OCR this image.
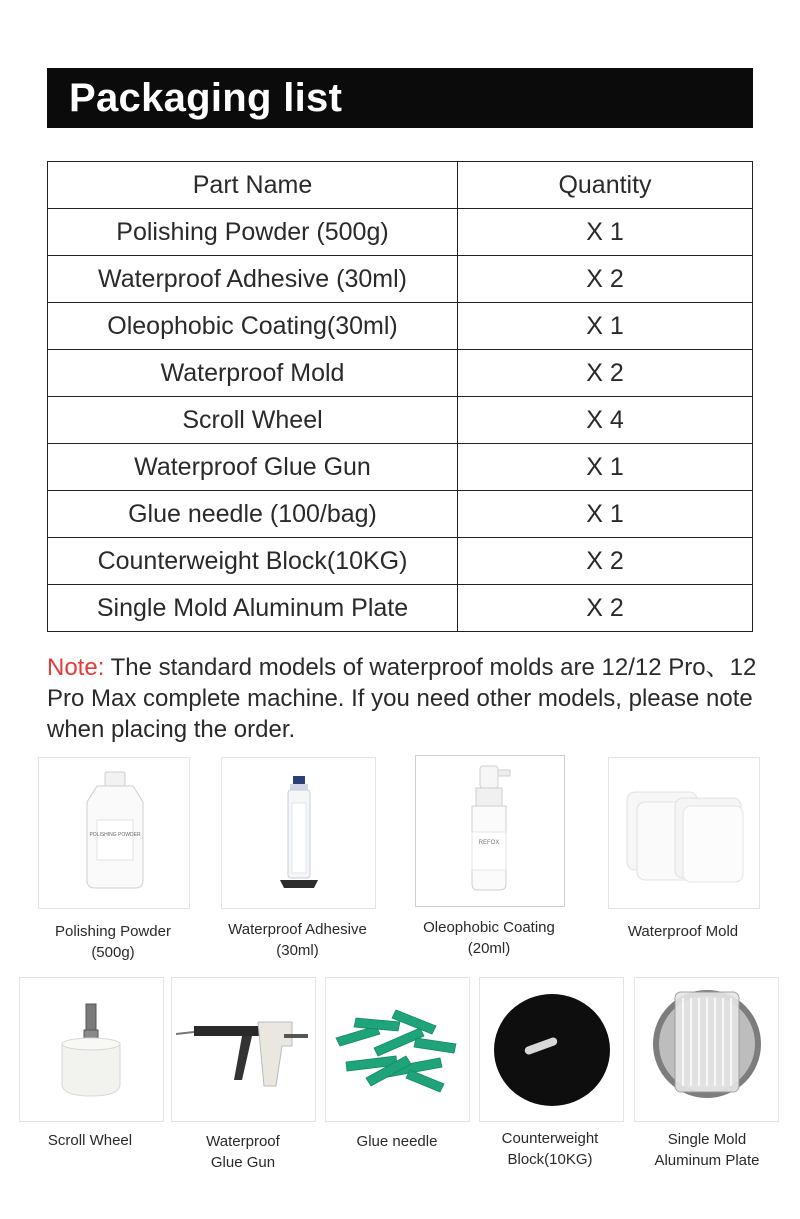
Packaging list
Part Name	Quantity
Polishing Powder (500g)	X 1
Waterproof Adhesive (30ml)	X 2
Oleophobic Coating(30ml)	X 1
Waterproof Mold	X 2
Scroll Wheel	X 4
Waterproof Glue Gun	X 1
Glue needle (100/bag)	X 1
Counterweight Block(10KG)	X 2
Single Mold Aluminum Plate	X 2
Note: The standard models of waterproof molds are 12/12 Pro、12 Pro Max complete machine. If you need other models, please note when placing the order.
POLISHING POWDER
Polishing Powder
(500g)
Waterproof Adhesive
(30ml)
REFOX
Oleophobic Coating
(20ml)
Waterproof Mold
Scroll Wheel	Waterproof
Glue Gun
Glue needle	Counterweight
Block(10KG)
Single Mold
Aluminum Plate
